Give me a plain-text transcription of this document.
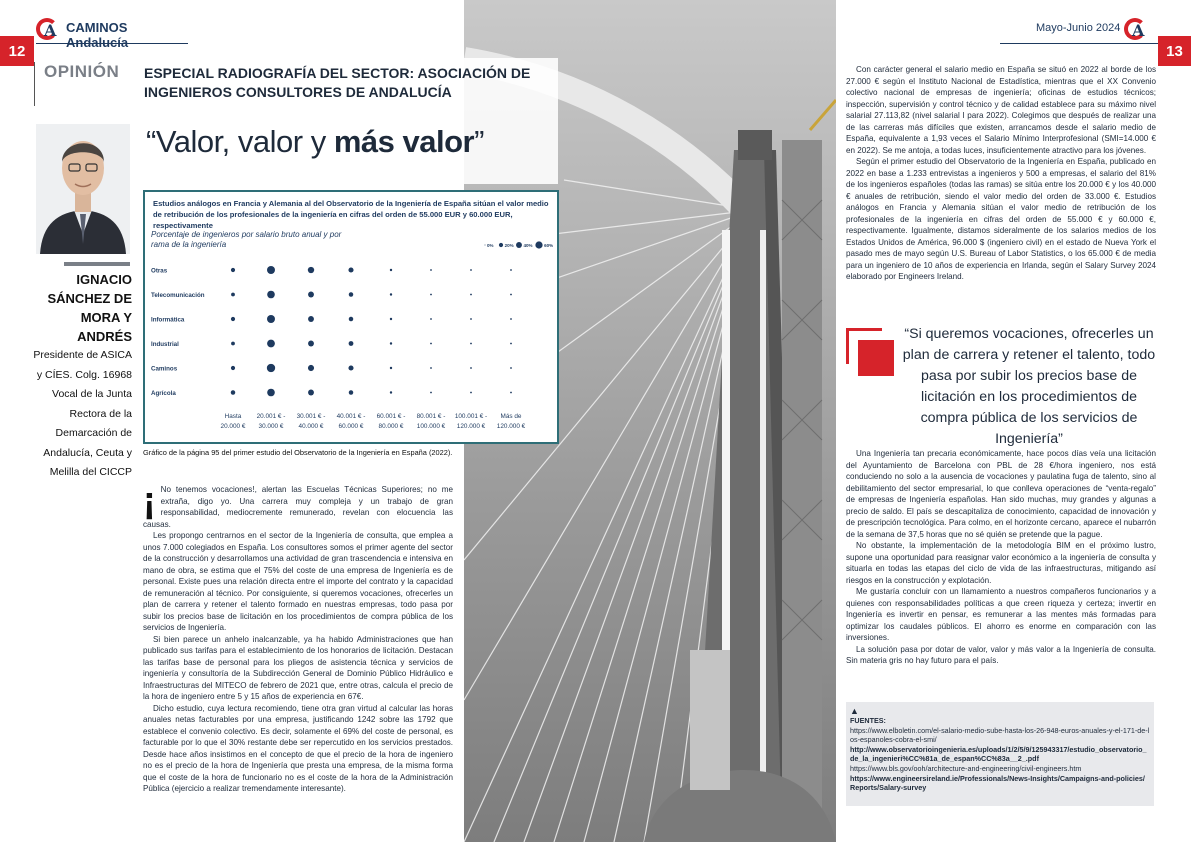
A CAMINOS Andalucía
Mayo-Junio 2024 A
12	13
OPINIÓN ESPECIAL RADIOGRAFÍA DEL SECTOR: ASOCIACIÓN DE INGENIEROS CONSULTORES DE ANDALUCÍA
“Valor, valor y más valor”
IGNACIO SÁNCHEZ DE MORA Y ANDRÉS
Presidente de ASICA y CÍES. Colg. 16968 Vocal de la Junta Rectora de la Demarcación de Andalucía, Ceuta y Melilla del CICCP
Estudios análogos en Francia y Alemania al del Observatorio de la Ingeniería de España sitúan el valor medio de retribución de los profesionales de la ingeniería en cifras del orden de 55.000 EUR y 60.000 EUR, respectivamente
Porcentaje de ingenieros por salario bruto anual y por rama de la ingeniería	0% 20% 40%	60%
Otras
Telecomunicación
Informática
Industrial
Caminos
Agrícola
Hasta
20.000 €
20.001 € -
30.000 €
30.001 € -
40.000 €
40.001 € -
60.000 €
60.001 € -
80.000 €
80.001 € -
100.000 €
100.001 € -
120.000 €
Más de
120.000 €
Gráfico de la página 95 del primer estudio del Observatorio de la Ingeniería en España (2022).

¡ No tenemos vocaciones!, alertan las Escuelas Técnicas Superiores; no me extraña, digo yo. Una carrera muy compleja y un trabajo de gran responsabilidad, mediocremente remunerado, revelan con elocuencia las causas.

Les propongo centrarnos en el sector de la Ingeniería de consulta, que emplea a unos 7.000 colegiados en España. Los consultores somos el primer agente del sector de la construcción y desarrollamos una actividad de gran trascendencia e intensiva en mano de obra, se estima que el 75% del coste de una empresa de Ingeniería es de personal. Existe pues una relación directa entre el importe del contrato y la capacidad de remuneración al técnico. Por consiguiente, si queremos vocaciones, ofrecerles un plan de carrera y retener el talento formado en nuestras empresas, todo pasa por subir los precios base de licitación en los procedimientos de compra pública de los servicios de Ingeniería.

Si bien parece un anhelo inalcanzable, ya ha habido Administraciones que han publicado sus tarifas para el establecimiento de los honorarios de licitación. Destacan las tarifas base de personal para los pliegos de asistencia técnica y servicios de ingeniería y consultoría de la Subdirección General de Dominio Público Hidráulico e Infraestructuras del MITECO de febrero de 2021 que, entre otras, calcula el precio de la hora de ingeniero entre 5 y 15 años de experiencia en 67€.

Dicho estudio, cuya lectura recomiendo, tiene otra gran virtud al calcular las horas anuales netas facturables por una empresa, justificando 1242 sobre las 1792 que establece el convenio colectivo. Es decir, solamente el 69% del coste de personal, es facturable por lo que el 30% restante debe ser repercutido en los servicios prestados. Desde hace años insistimos en el concepto de que el precio de la hora de ingeniero no es el precio de la hora de Ingeniería que presta una empresa, de la misma forma que el coste de la hora de funcionario no es el coste de la hora de la Administración Pública (ejercicio a realizar tremendamente interesante).

Con carácter general el salario medio en España se situó en 2022 al borde de los 27.000 € según el Instituto Nacional de Estadística, mientras que el XX Convenio colectivo nacional de empresas de ingeniería; oficinas de estudios técnicos; inspección, supervisión y control técnico y de calidad establece para su máximo nivel salarial 27.113,82 (nivel salarial I para 2022). Colegimos que después de realizar una de las carreras más difíciles que existen, arrancamos desde el salario medio de España, equivalente a 1,93 veces el Salario Mínimo Interprofesional (SMI=14.000 € en 2022). Se me antoja, a todas luces, insuficientemente atractivo para los jóvenes.

Según el primer estudio del Observatorio de la Ingeniería en España, publicado en 2022 en base a 1.233 entrevistas a ingenieros y 500 a empresas, el salario del 81% de los ingenieros españoles (todas las ramas) se sitúa entre los 20.000 € y los 40.000 € anuales de retribución, siendo el valor medio del orden de 33.000 €. Estudios análogos en Francia y Alemania sitúan el valor medio de retribución de los profesionales de la ingeniería en cifras del orden de 55.000 € y 60.000 €, respectivamente. Igualmente, distamos sideralmente de los salarios medios de los Estados Unidos de América, 96.000 $ (ingeniero civil) en el estado de Nueva York el pasado mes de mayo según U.S. Bureau of Labor Statistics, o los 65.000 € de media para un ingeniero de 10 años de experiencia en Irlanda, según el Salary Survey 2024 elaborado por Engineers Ireland.

“Si queremos vocaciones, ofrecerles un plan de carrera y retener el talento, todo pasa por subir los precios base de licitación en los procedimientos de compra pública de los servicios de Ingeniería”

Una Ingeniería tan precaria económicamente, hace pocos días veía una licitación del Ayuntamiento de Barcelona con PBL de 28 €/hora ingeniero, nos está conduciendo no solo a la ausencia de vocaciones y paulatina fuga de talento, sino al debilitamiento del sector empresarial, lo que conlleva operaciones de “venta-regalo” de empresas de Ingeniería españolas. Han sido muchas, muy grandes y algunas a precio de saldo. El país se descapitaliza de conocimiento, capacidad de innovación y de prescripción tecnológica. Para colmo, en el horizonte cercano, aparece el nubarrón de la semana de 37,5 horas que no sé quién se pretende que la pague.

No obstante, la implementación de la metodología BIM en el próximo lustro, supone una oportunidad para reasignar valor económico a la ingeniería de consulta y situarla en todas las etapas del ciclo de vida de las infraestructuras, mitigando así riesgos en la construcción y explotación.

Me gustaría concluir con un llamamiento a nuestros compañeros funcionarios y a quienes con responsabilidades políticas a que creen riqueza y certeza; invertir en Ingeniería es invertir en pensar, es remunerar a las mentes más formadas para optimizar los caudales públicos. El ahorro es enorme en comparación con las inversiones.

La solución pasa por dotar de valor, valor y más valor a la Ingeniería de consulta. Sin materia gris no hay futuro para el país.

▲
FUENTES:
https://www.elboletin.com/el-salario-medio-sube-hasta-los-26-948-euros-anuales-y-el-171-de-los-espanoles-cobra-el-smi/
http://www.observatorioingenieria.es/uploads/1/2/5/9/125943317/estudio_observatorio_de_la_ingenieri%CC%81a_de_espan%CC%83a__2_.pdf
https://www.bls.gov/ooh/architecture-and-engineering/civil-engineers.htm
https://www.engineersireland.ie/Professionals/News-Insights/Campaigns-and-policies/Reports/Salary-survey
